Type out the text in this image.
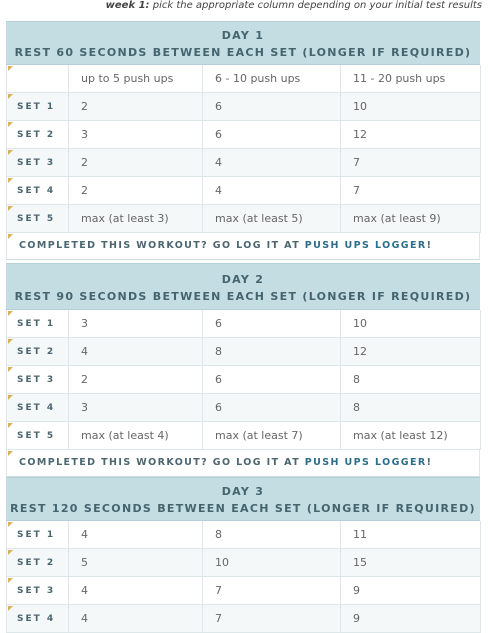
week 1: pick the appropriate column depending on your initial test results
DAY 1
REST 60 SECONDS BETWEEN EACH SET (LONGER IF REQUIRED)
	up to 5 push ups	6 - 10 push ups	11 - 20 push ups

SET 1	2	6	10

SET 2	3	6	12

SET 3	2	4	7

SET 4	2	4	7

SET 5	max (at least 3)	max (at least 5)	max (at least 9)
COMPLETED THIS WORKOUT? GO LOG IT AT PUSH UPS LOGGER!
DAY 2
REST 90 SECONDS BETWEEN EACH SET (LONGER IF REQUIRED)
SET 1	3	6	10

SET 2	4	8	12

SET 3	2	6	8

SET 4	3	6	8

SET 5	max (at least 4)	max (at least 7)	max (at least 12)
COMPLETED THIS WORKOUT? GO LOG IT AT PUSH UPS LOGGER!
DAY 3
REST 120 SECONDS BETWEEN EACH SET (LONGER IF REQUIRED)
SET 1	4	8	11

SET 2	5	10	15

SET 3	4	7	9

SET 4	4	7	9
